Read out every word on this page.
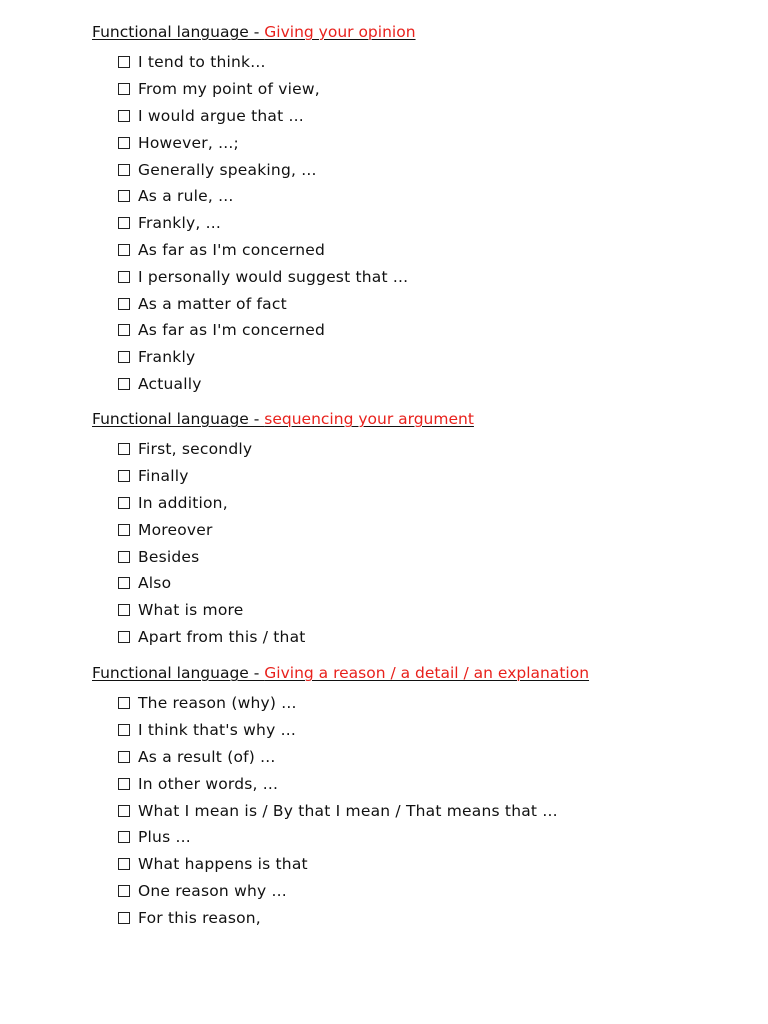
Functional language - Giving your opinion
I tend to think...
From my point of view,
I would argue that ...
However, ...;
Generally speaking, ...
As a rule, ...
Frankly, ...
As far as I'm concerned
I personally would suggest that ...
As a matter of fact
As far as I'm concerned
Frankly
Actually
Functional language - sequencing your argument
First, secondly
Finally
In addition,
Moreover
Besides
Also
What is more
Apart from this / that
Functional language - Giving a reason / a detail / an explanation
The reason (why) ...
I think that's why ...
As a result (of) ...
In other words, ...
What I mean is / By that I mean / That means that ...
Plus ...
What happens is that
One reason why ...
For this reason,
